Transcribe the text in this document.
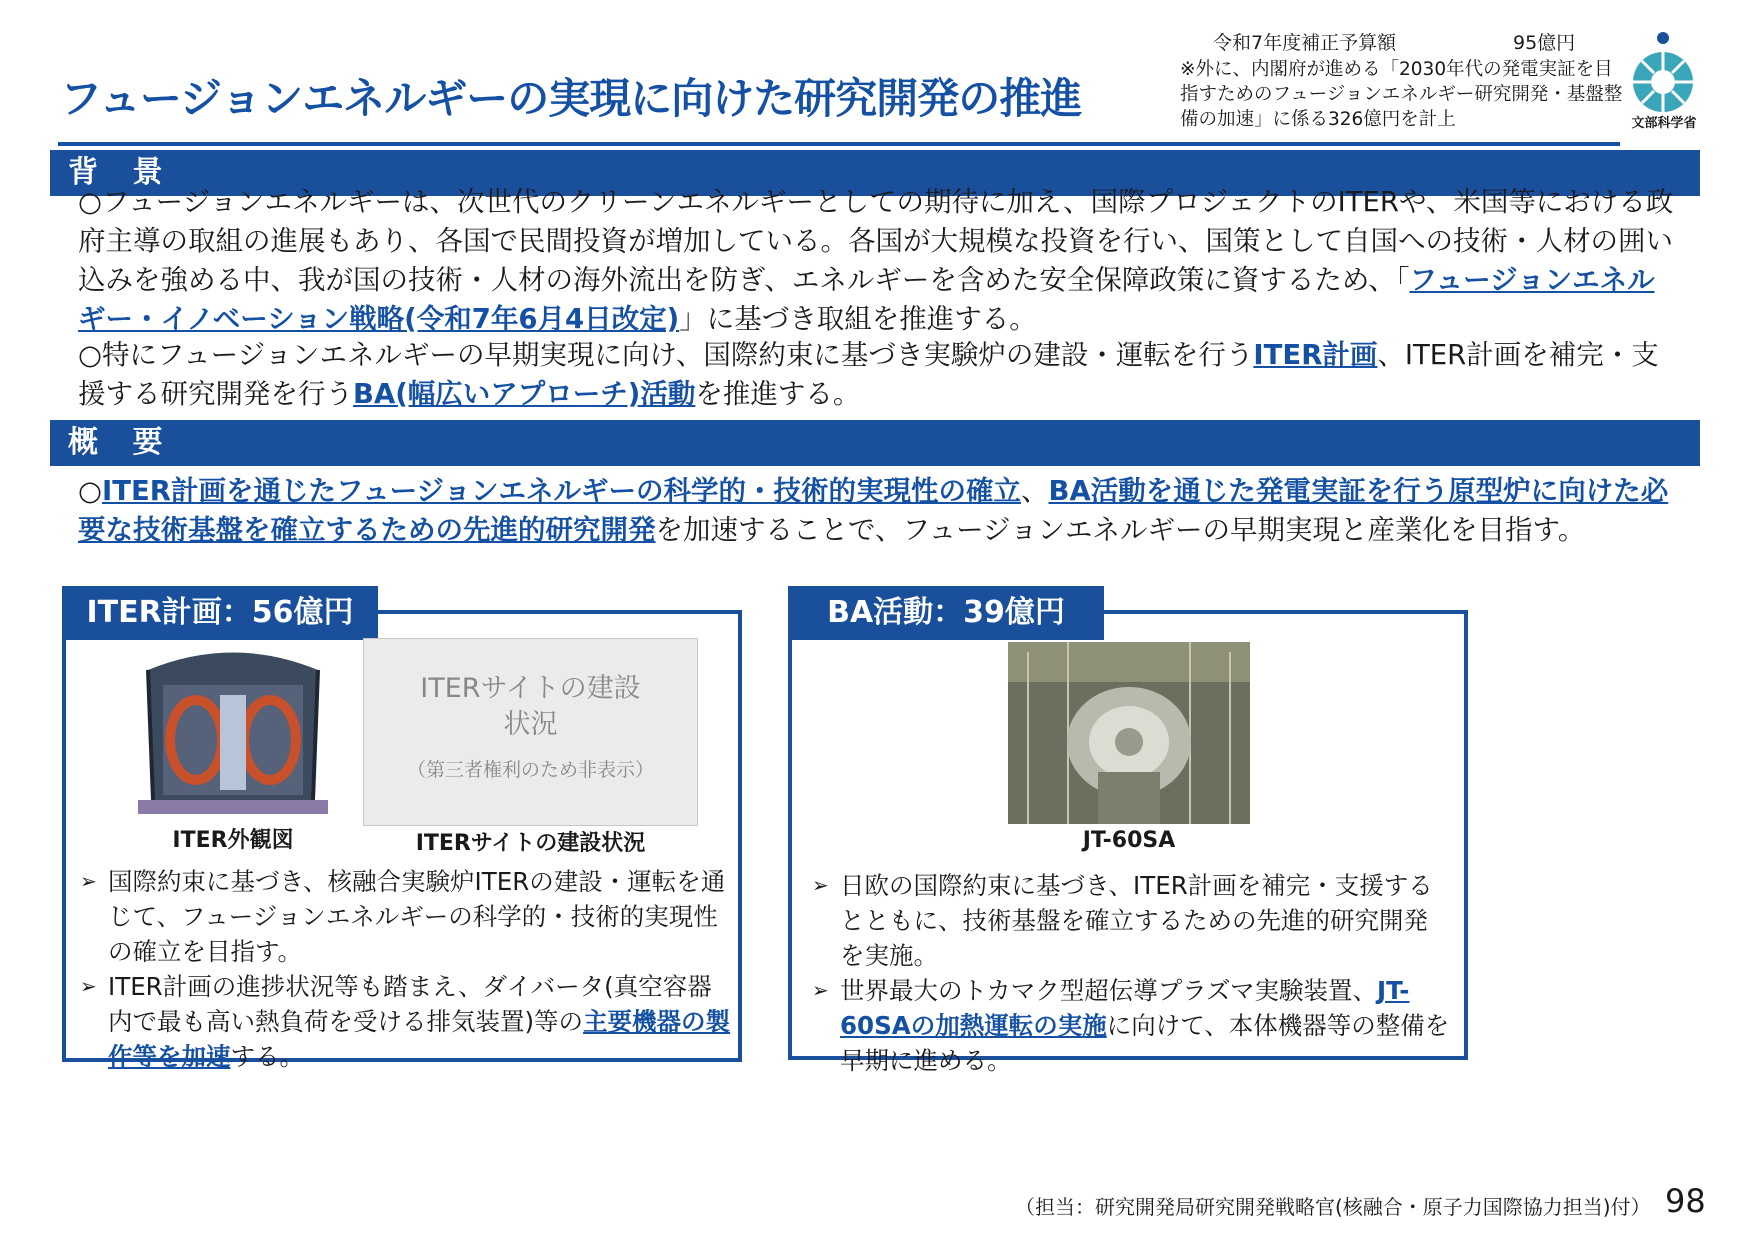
フュージョンエネルギーの実現に向けた研究開発の推進
令和7年度補正予算額	95億円
※外に、内閣府が進める「2030年代の発電実証を目指すためのフュージョンエネルギー研究開発・基盤整備の加速」に係る326億円を計上	文部科学省
背 景
○フュージョンエネルギーは、次世代のクリーンエネルギーとしての期待に加え、国際プロジェクトのITERや、米国等における政府主導の取組の進展もあり、各国で民間投資が増加している。各国が大規模な投資を行い、国策として自国への技術・人材の囲い込みを強める中、我が国の技術・人材の海外流出を防ぎ、エネルギーを含めた安全保障政策に資するため、「フュージョンエネルギー・イノベーション戦略(令和7年6月4日改定)」に基づき取組を推進する。
○特にフュージョンエネルギーの早期実現に向け、国際約束に基づき実験炉の建設・運転を行うITER計画、ITER計画を補完・支援する研究開発を行うBA(幅広いアプローチ)活動を推進する。
概 要
○ITER計画を通じたフュージョンエネルギーの科学的・技術的実現性の確立、BA活動を通じた発電実証を行う原型炉に向けた必要な技術基盤を確立するための先進的研究開発を加速することで、フュージョンエネルギーの早期実現と産業化を目指す。
ITER計画：56億円
ITER外観図
ITERサイトの建設
状況
（第三者権利のため非表示）
ITERサイトの建設状況
➢ 国際約束に基づき、核融合実験炉ITERの建設・運転を通じて、フュージョンエネルギーの科学的・技術的実現性の確立を目指す。
➢ ITER計画の進捗状況等も踏まえ、ダイバータ(真空容器内で最も高い熱負荷を受ける排気装置)等の主要機器の製作等を加速する。
BA活動：39億円
JT-60SA
➢ 日欧の国際約束に基づき、ITER計画を補完・支援するとともに、技術基盤を確立するための先進的研究開発を実施。
➢ 世界最大のトカマク型超伝導プラズマ実験装置、JT-60SAの加熱運転の実施に向けて、本体機器等の整備を早期に進める。
（担当：研究開発局研究開発戦略官(核融合・原子力国際協力担当)付） 98
